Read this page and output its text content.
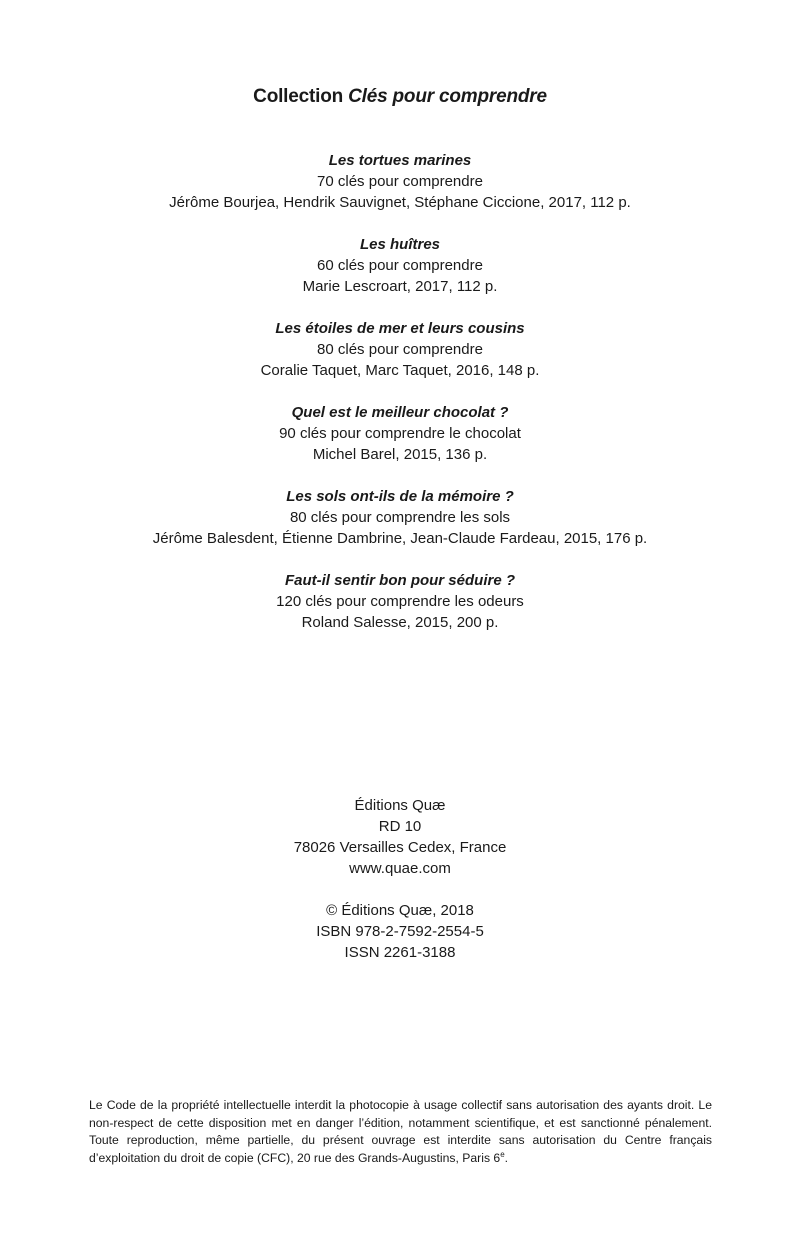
Collection Clés pour comprendre
Les tortues marines
70 clés pour comprendre
Jérôme Bourjea, Hendrik Sauvignet, Stéphane Ciccione, 2017, 112 p.
Les huîtres
60 clés pour comprendre
Marie Lescroart, 2017, 112 p.
Les étoiles de mer et leurs cousins
80 clés pour comprendre
Coralie Taquet, Marc Taquet, 2016, 148 p.
Quel est le meilleur chocolat ?
90 clés pour comprendre le chocolat
Michel Barel, 2015, 136 p.
Les sols ont-ils de la mémoire ?
80 clés pour comprendre les sols
Jérôme Balesdent, Étienne Dambrine, Jean-Claude Fardeau, 2015, 176 p.
Faut-il sentir bon pour séduire ?
120 clés pour comprendre les odeurs
Roland Salesse, 2015, 200 p.
Éditions Quæ
RD 10
78026 Versailles Cedex, France
www.quae.com
© Éditions Quæ, 2018
ISBN 978-2-7592-2554-5
ISSN 2261-3188

Le Code de la propriété intellectuelle interdit la photocopie à usage collectif sans autorisation des ayants droit. Le non-respect de cette disposition met en danger l’édition, notamment scientifique, et est sanctionné pénalement. Toute reproduction, même partielle, du présent ouvrage est interdite sans autorisation du Centre français d’exploitation du droit de copie (CFC), 20 rue des Grands-Augustins, Paris 6e.
